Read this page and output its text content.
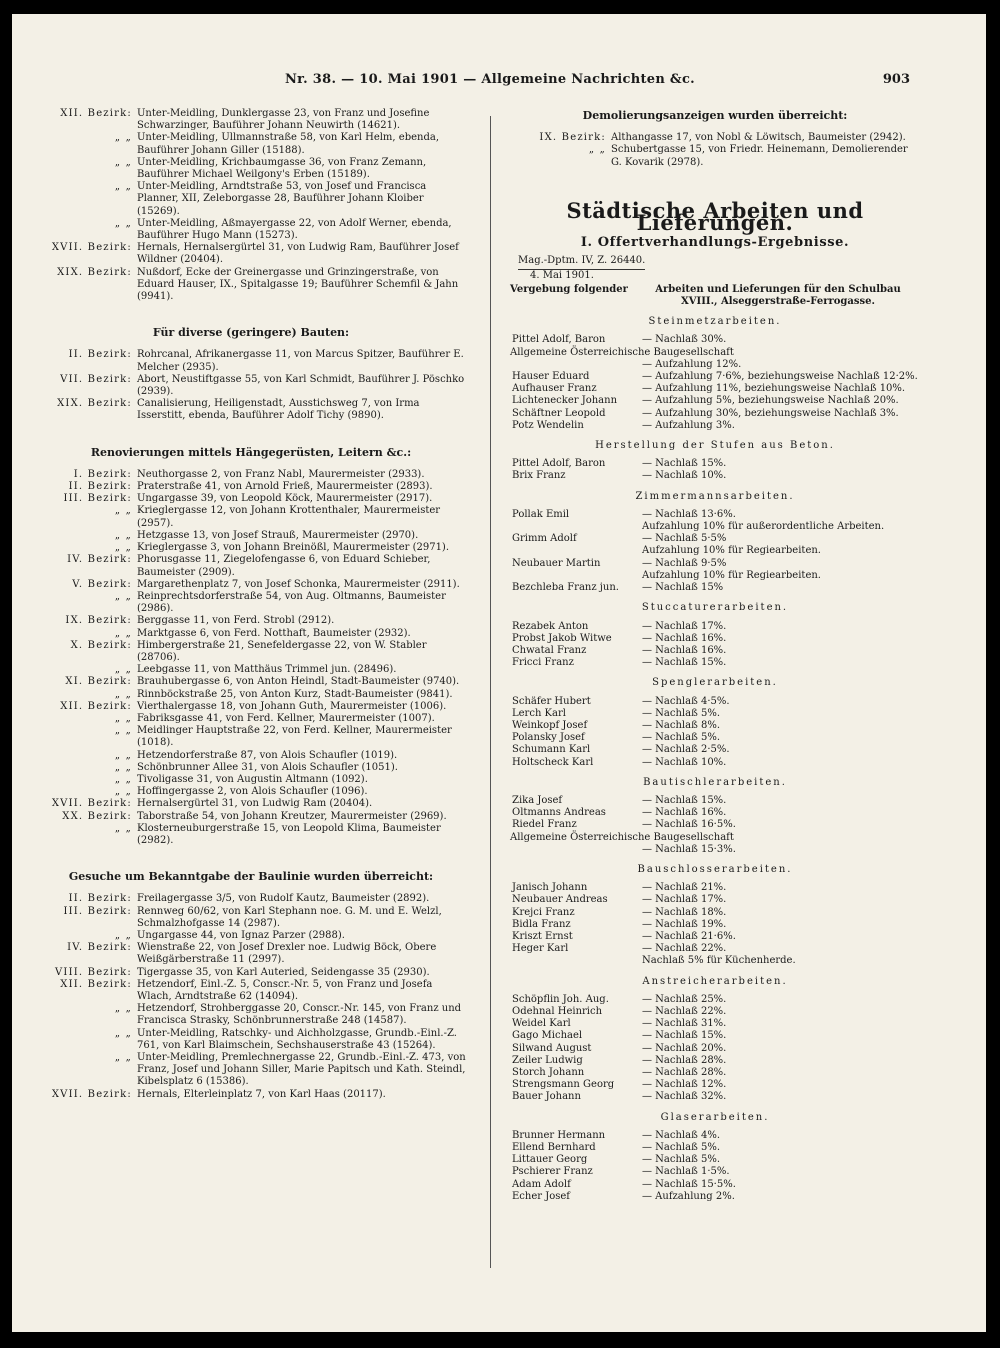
Nr. 38. — 10. Mai 1901 — Allgemeine Nachrichten &c.	903
XII. Bezirk: Unter-Meidling, Dunklergasse 23, von Franz und Josefine Schwarzinger, Bauführer Johann Neuwirth (14621).
„ „ Unter-Meidling, Ullmannstraße 58, von Karl Helm, ebenda, Bauführer Johann Giller (15188).
„ „ Unter-Meidling, Krichbaumgasse 36, von Franz Zemann, Bauführer Michael Weilgony's Erben (15189).
„ „ Unter-Meidling, Arndtstraße 53, von Josef und Francisca Planner, XII, Zeleborgasse 28, Bauführer Johann Kloiber (15269).
„ „ Unter-Meidling, Aßmayergasse 22, von Adolf Werner, ebenda, Bauführer Hugo Mann (15273).
XVII. Bezirk: Hernals, Hernalsergürtel 31, von Ludwig Ram, Bauführer Josef Wildner (20404).
XIX. Bezirk: Nußdorf, Ecke der Greinergasse und Grinzingerstraße, von Eduard Hauser, IX., Spitalgasse 19; Bauführer Schemfil & Jahn (9941).
Für diverse (geringere) Bauten:
II. Bezirk: Rohrcanal, Afrikanergasse 11, von Marcus Spitzer, Bauführer E. Melcher (2935).
VII. Bezirk: Abort, Neustiftgasse 55, von Karl Schmidt, Bauführer J. Pöschko (2939).
XIX. Bezirk: Canalisierung, Heiligenstadt, Ausstichsweg 7, von Irma Isserstitt, ebenda, Bauführer Adolf Tichy (9890).
Renovierungen mittels Hängegerüsten, Leitern &c.:
I. Bezirk: Neuthorgasse 2, von Franz Nabl, Maurermeister (2933).
II. Bezirk: Praterstraße 41, von Arnold Frieß, Maurermeister (2893).
III. Bezirk: Ungargasse 39, von Leopold Köck, Maurermeister (2917).
„ „ Krieglergasse 12, von Johann Krottenthaler, Maurermeister (2957).
„ „ Hetzgasse 13, von Josef Strauß, Maurermeister (2970).
„ „ Krieglergasse 3, von Johann Breinößl, Maurermeister (2971).
IV. Bezirk: Phorusgasse 11, Ziegelofengasse 6, von Eduard Schieber, Baumeister (2909).
V. Bezirk: Margarethenplatz 7, von Josef Schonka, Maurermeister (2911).
„ „ Reinprechtsdorferstraße 54, von Aug. Oltmanns, Baumeister (2986).
IX. Bezirk: Berggasse 11, von Ferd. Strobl (2912).
„ „ Marktgasse 6, von Ferd. Notthaft, Baumeister (2932).
X. Bezirk: Himbergerstraße 21, Senefeldergasse 22, von W. Stabler (28706).
„ „ Leebgasse 11, von Matthäus Trimmel jun. (28496).
XI. Bezirk: Brauhubergasse 6, von Anton Heindl, Stadt-Baumeister (9740).
„ „ Rinnböckstraße 25, von Anton Kurz, Stadt-Baumeister (9841).
XII. Bezirk: Vierthalergasse 18, von Johann Guth, Maurermeister (1006).
„ „ Fabriksgasse 41, von Ferd. Kellner, Maurermeister (1007).
„ „ Meidlinger Hauptstraße 22, von Ferd. Kellner, Maurermeister (1018).
„ „ Hetzendorferstraße 87, von Alois Schaufler (1019).
„ „ Schönbrunner Allee 31, von Alois Schaufler (1051).
„ „ Tivoligasse 31, von Augustin Altmann (1092).
„ „ Hoffingergasse 2, von Alois Schaufler (1096).
XVII. Bezirk: Hernalsergürtel 31, von Ludwig Ram (20404).
XX. Bezirk: Taborstraße 54, von Johann Kreutzer, Maurermeister (2969).
„ „ Klosterneuburgerstraße 15, von Leopold Klima, Baumeister (2982).
Gesuche um Bekanntgabe der Baulinie wurden überreicht:
II. Bezirk: Freilagergasse 3/5, von Rudolf Kautz, Baumeister (2892).
III. Bezirk: Rennweg 60/62, von Karl Stephann noe. G. M. und E. Welzl, Schmalzhofgasse 14 (2987).
„ „ Ungargasse 44, von Ignaz Parzer (2988).
IV. Bezirk: Wienstraße 22, von Josef Drexler noe. Ludwig Böck, Obere Weißgärberstraße 11 (2997).
VIII. Bezirk: Tigergasse 35, von Karl Auteried, Seidengasse 35 (2930).
XII. Bezirk: Hetzendorf, Einl.-Z. 5, Conscr.-Nr. 5, von Franz und Josefa Wlach, Arndtstraße 62 (14094).
„ „ Hetzendorf, Strohberggasse 20, Conscr.-Nr. 145, von Franz und Francisca Strasky, Schönbrunnerstraße 248 (14587).
„ „ Unter-Meidling, Ratschky- und Aichholzgasse, Grundb.-Einl.-Z. 761, von Karl Blaimschein, Sechshauserstraße 43 (15264).
„ „ Unter-Meidling, Premlechnergasse 22, Grundb.-Einl.-Z. 473, von Franz, Josef und Johann Siller, Marie Papitsch und Kath. Steindl, Kibelsplatz 6 (15386).
XVII. Bezirk: Hernals, Elterleinplatz 7, von Karl Haas (20117).
Demolierungsanzeigen wurden überreicht:
IX. Bezirk: Althangasse 17, von Nobl & Löwitsch, Baumeister (2942).
„ „ Schubertgasse 15, von Friedr. Heinemann, Demolierender G. Kovarik (2978).
Städtische Arbeiten und Lieferungen.
I. Offertverhandlungs-Ergebnisse.
Mag.-Dptm. IV, Z. 26440.
4. Mai 1901.
Vergebung folgender	Arbeiten und Lieferungen für den Schulbau XVIII., Alseggerstraße-Ferrogasse.
Steinmetzarbeiten.
Pittel Adolf, Baron	— Nachlaß 30%.
Allgemeine Österreichische Baugesellschaft
— Aufzahlung 12%.
Hauser Eduard	— Aufzahlung 7·6%, beziehungsweise Nachlaß 12·2%.
Aufhauser Franz	— Aufzahlung 11%, beziehungsweise Nachlaß 10%.
Lichtenecker Johann	— Aufzahlung 5%, beziehungsweise Nachlaß 20%.
Schäftner Leopold	— Aufzahlung 30%, beziehungsweise Nachlaß 3%.
Potz Wendelin	— Aufzahlung 3%.
Herstellung der Stufen aus Beton.
Pittel Adolf, Baron	— Nachlaß 15%.
Brix Franz	— Nachlaß 10%.
Zimmermannsarbeiten.
Pollak Emil	— Nachlaß 13·6%.
Aufzahlung 10% für außerordentliche Arbeiten.
Grimm Adolf	— Nachlaß 5·5%
Aufzahlung 10% für Regiearbeiten.
Neubauer Martin	— Nachlaß 9·5%
Aufzahlung 10% für Regiearbeiten.
Bezchleba Franz jun.	— Nachlaß 15%
Stuccaturerarbeiten.
Rezabek Anton	— Nachlaß 17%.
Probst Jakob Witwe	— Nachlaß 16%.
Chwatal Franz	— Nachlaß 16%.
Fricci Franz	— Nachlaß 15%.
Spenglerarbeiten.
Schäfer Hubert	— Nachlaß 4·5%.
Lerch Karl	— Nachlaß 5%.
Weinkopf Josef	— Nachlaß 8%.
Polansky Josef	— Nachlaß 5%.
Schumann Karl	— Nachlaß 2·5%.
Holtscheck Karl	— Nachlaß 10%.
Bautischlerarbeiten.
Zika Josef	— Nachlaß 15%.
Oltmanns Andreas	— Nachlaß 16%.
Riedel Franz	— Nachlaß 16·5%.
Allgemeine Österreichische Baugesellschaft
— Nachlaß 15·3%.
Bauschlosserarbeiten.
Janisch Johann	— Nachlaß 21%.
Neubauer Andreas	— Nachlaß 17%.
Krejci Franz	— Nachlaß 18%.
Bidla Franz	— Nachlaß 19%.
Kriszt Ernst	— Nachlaß 21·6%.
Heger Karl	— Nachlaß 22%.
Nachlaß 5% für Küchenherde.
Anstreicherarbeiten.
Schöpflin Joh. Aug.	— Nachlaß 25%.
Odehnal Heinrich	— Nachlaß 22%.
Weidel Karl	— Nachlaß 31%.
Gago Michael	— Nachlaß 15%.
Silwand August	— Nachlaß 20%.
Zeiler Ludwig	— Nachlaß 28%.
Storch Johann	— Nachlaß 28%.
Strengsmann Georg	— Nachlaß 12%.
Bauer Johann	— Nachlaß 32%.
Glaserarbeiten.
Brunner Hermann	— Nachlaß 4%.
Ellend Bernhard	— Nachlaß 5%.
Littauer Georg	— Nachlaß 5%.
Pschierer Franz	— Nachlaß 1·5%.
Adam Adolf	— Nachlaß 15·5%.
Echer Josef	— Aufzahlung 2%.
